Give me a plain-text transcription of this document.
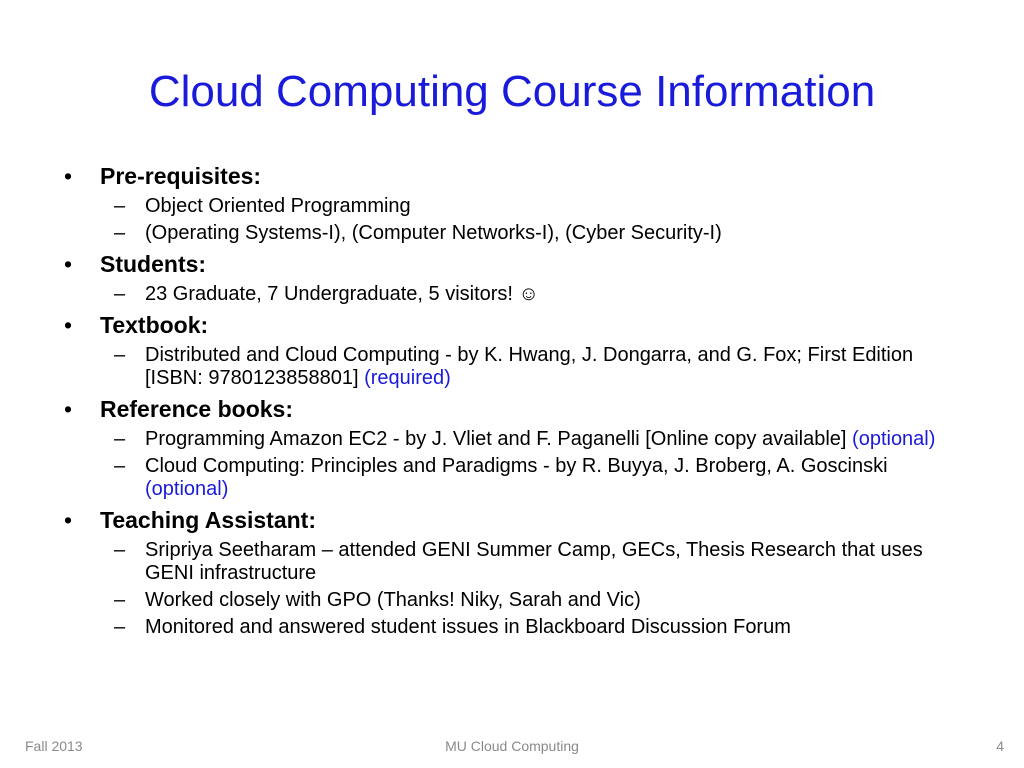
Cloud Computing Course Information
• Pre-requisites:
– Object Oriented Programming
– (Operating Systems-I), (Computer Networks-I), (Cyber Security-I)
• Students:
– 23 Graduate, 7 Undergraduate, 5 visitors! ☺
• Textbook:
– Distributed and Cloud Computing - by K. Hwang, J. Dongarra, and G. Fox; First Edition [ISBN: 9780123858801] (required)
• Reference books:
– Programming Amazon EC2 - by J. Vliet and F. Paganelli [Online copy available] (optional)
– Cloud Computing: Principles and Paradigms - by R. Buyya, J. Broberg, A. Goscinski (optional)
• Teaching Assistant:
– Sripriya Seetharam – attended GENI Summer Camp, GECs, Thesis Research that uses GENI infrastructure
– Worked closely with GPO (Thanks! Niky, Sarah and Vic)
– Monitored and answered student issues in Blackboard Discussion Forum
Fall 2013	MU Cloud Computing	4
